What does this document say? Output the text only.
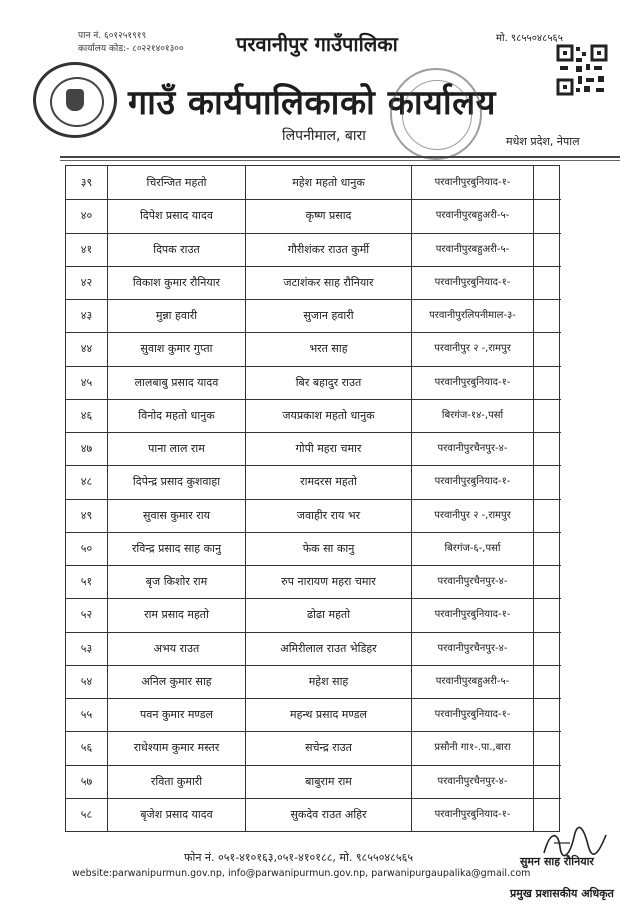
पान नं. ६०१२५१९१९
कार्यालय कोड:- ८०२२१४०१३००	परवानीपुर गाउँपालिका	मो. ९८५५०४८५६५
गाउँ कार्यपालिकाको कार्यालय
लिपनीमाल, बारा	मधेश प्रदेश, नेपाल
३९	चिरन्जित महतो	महेश महतो धानुक	परवानीपुरबुनियाद-१-
४०	दिपेश प्रसाद यादव	कृष्ण प्रसाद	परवानीपुरबहुअरी-५-
४१	दिपक राउत	गौरीशंकर राउत कुर्मी	परवानीपुरबहुअरी-५-
४२	विकाश कुमार रौनियार	जटाशंकर साह रौनियार	परवानीपुरबुनियाद-१-
४३	मुन्ना हवारी	सुजान हवारी	परवानीपुरलिपनीमाल-३-
४४	सुवाश कुमार गुप्ता	भरत साह	परवानीपुर २ -,रामपुर
४५	लालबाबु प्रसाद यादव	बिर बहादुर राउत	परवानीपुरबुनियाद-१-
४६	विनोद महतो धानुक	जयप्रकाश महतो धानुक	बिरगंज-१४-,पर्सा
४७	पाना लाल राम	गोपी महरा चमार	परवानीपुरचैनपुर-४-
४८	दिपेन्द्र प्रसाद कुशवाहा	रामदरस महतो	परवानीपुरबुनियाद-१-
४९	सुवास कुमार राय	जवाहीर राय भर	परवानीपुर २ -,रामपुर
५०	रविन्द्र प्रसाद साह कानु	फेक सा कानु	बिरगंज-६-,पर्सा
५१	बृज किशोर राम	रुप नारायण महरा चमार	परवानीपुरचैनपुर-४-
५२	राम प्रसाद महतो	ढोढा महतो	परवानीपुरबुनियाद-१-
५३	अभय राउत	अमिरीलाल राउत भेडिहर	परवानीपुरचैनपुर-४-
५४	अनिल कुमार साह	महेश साह	परवानीपुरबहुअरी-५-
५५	पवन कुमार मण्डल	महन्थ प्रसाद मण्डल	परवानीपुरबुनियाद-१-
५६	राधेश्याम कुमार मस्तर	सचेन्द्र राउत	प्रसौनी गा१-.पा.,बारा
५७	रविता कुमारी	बाबुराम राम	परवानीपुरचैनपुर-४-
५८	बृजेश प्रसाद यादव	सुकदेव राउत अहिर	परवानीपुरबुनियाद-१-
फोन नं. ०५१-४१०१६३,०५१-४१०१८८, मो. ९८५५०४८५६५
website:parwanipurmun.gov.np, info@parwanipurmun.gov.np, parwanipurgaupalika@gmail.com
सुमन साह रौनियार
प्रमुख प्रशासकीय अधिकृत
